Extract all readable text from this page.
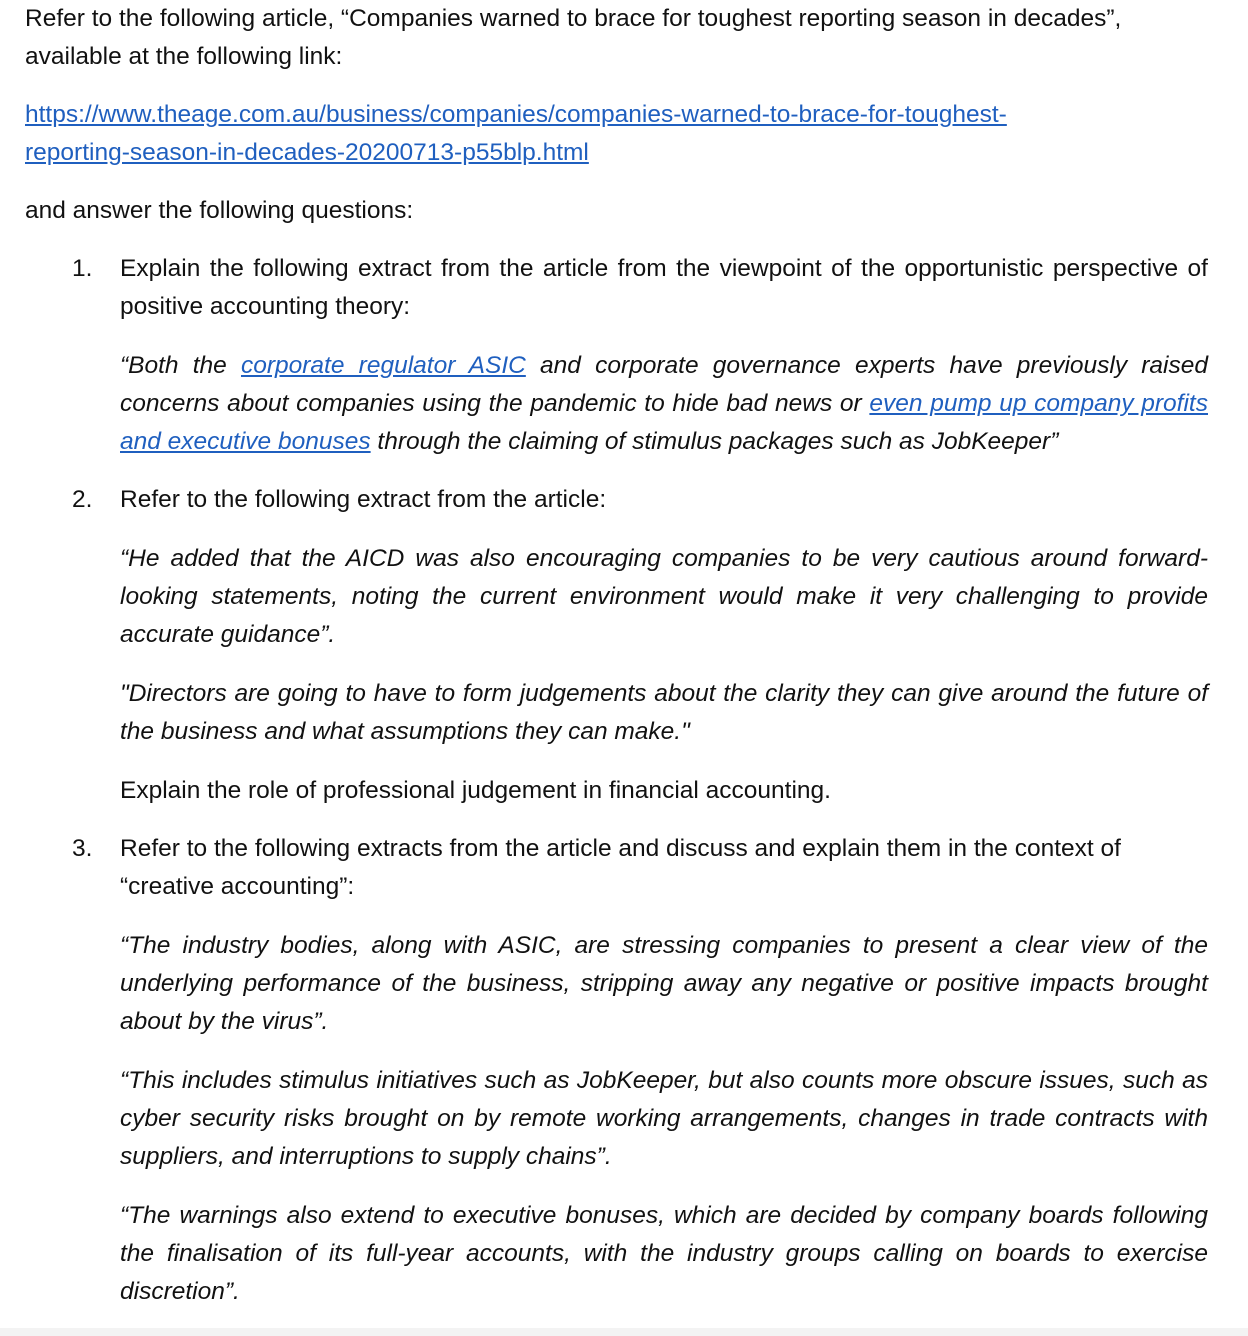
Refer to the following article, “Companies warned to brace for toughest reporting season in decades”, available at the following link:

https://www.theage.com.au/business/companies/companies-warned-to-brace-for-toughest-
reporting-season-in-decades-20200713-p55blp.html

and answer the following questions:

1. Explain the following extract from the article from the viewpoint of the opportunistic perspective of positive accounting theory:

“Both the corporate regulator ASIC and corporate governance experts have previously raised concerns about companies using the pandemic to hide bad news or even pump up company profits and executive bonuses through the claiming of stimulus packages such as JobKeeper”

2. Refer to the following extract from the article:

“He added that the AICD was also encouraging companies to be very cautious around forward-looking statements, noting the current environment would make it very challenging to provide accurate guidance”.

"Directors are going to have to form judgements about the clarity they can give around the future of the business and what assumptions they can make."

Explain the role of professional judgement in financial accounting.

3. Refer to the following extracts from the article and discuss and explain them in the context of “creative accounting”:

“The industry bodies, along with ASIC, are stressing companies to present a clear view of the underlying performance of the business, stripping away any negative or positive impacts brought about by the virus”.

“This includes stimulus initiatives such as JobKeeper, but also counts more obscure issues, such as cyber security risks brought on by remote working arrangements, changes in trade contracts with suppliers, and interruptions to supply chains”.

“The warnings also extend to executive bonuses, which are decided by company boards following the finalisation of its full-year accounts, with the industry groups calling on boards to exercise discretion”.
